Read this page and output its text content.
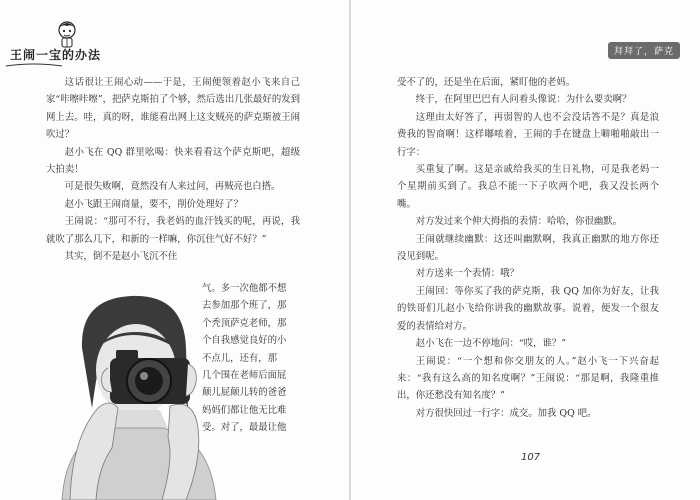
王闹一宝的办法

这话很让王闹心动——于是，王闹便领着赵小飞来自己家“咔嚓咔嚓”，把萨克斯拍了个够，然后选出几张最好的发到网上去。哇，真的呀，谁能看出网上这支贼亮的萨克斯被王闹吹过？

赵小飞在 QQ 群里吆喝：快来看看这个萨克斯吧，超级大拍卖！

可是很失败啊，竟然没有人来过问，再贼亮也白搭。

赵小飞跟王闹商量，要不，削价处理好了？

王闹说：“那可不行，我老妈的血汗钱买的呢，再说，我就吹了那么几下，和新的一样嘛，你沉住气好不好？”

其实，倒不是赵小飞沉不住

气。多一次他都不想

去参加那个班了，那

个秃顶萨克老师，那

个自我感觉良好的小

不点儿，还有，那

几个围在老师后面屁

颠儿屁颠儿转的爸爸

妈妈们都让他无比难

受。对了，最最让他

拜拜了，萨克

受不了的，还是坐在后面，紧盯他的老妈。

终于，在阿里巴巴有人问着头像说：为什么要卖啊？

这理由太好答了，再弱智的人也不会没话答不是？真是浪费我的智商啊！这样嘟哝着，王闹的手在键盘上噼啪啪敲出一行字：

买重复了啊。这是亲戚给我买的生日礼物，可是我老妈一个星期前买到了。我总不能一下子吹两个吧，我又没长两个嘴。

对方发过来个伸大拇指的表情：哈哈，你很幽默。

王闹就继续幽默：这还叫幽默啊，我真正幽默的地方你还没见到呢。

对方送来一个表情：哦？

王闹回：等你买了我的萨克斯，我 QQ 加你为好友，让我的铁哥们儿赵小飞给你讲我的幽默故事。说着，便发一个很友爱的表情给对方。

赵小飞在一边不停地问：“哎，谁？”

王闹说：“一个想和你交朋友的人。”赵小飞一下兴奋起来：“我有这么高的知名度啊？”王闹说：“那是啊，我隆重推出，你还愁没有知名度？”

对方很快回过一行字：成交。加我 QQ 吧。

107
